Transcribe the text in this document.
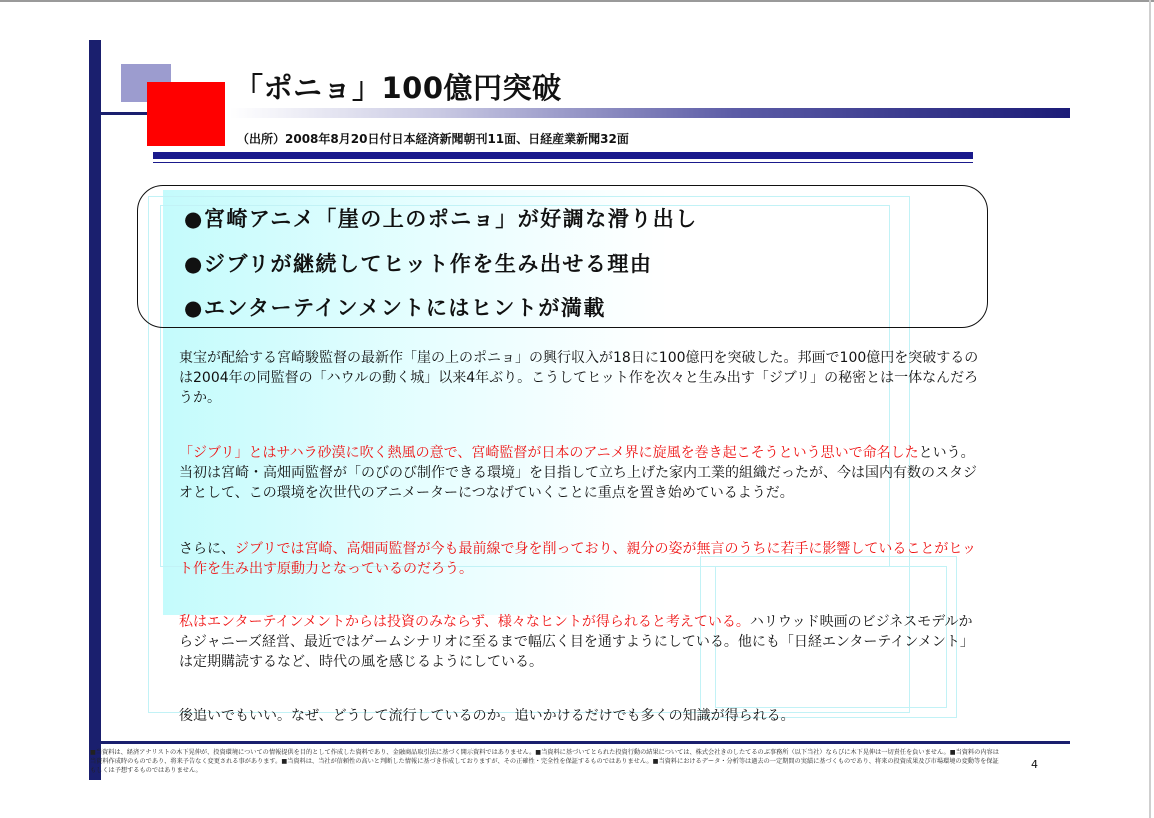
「ポニョ」100億円突破
（出所）2008年8月20日付日本経済新聞朝刊11面、日経産業新聞32面
●宮崎アニメ「崖の上のポニョ」が好調な滑り出し
●ジブリが継続してヒット作を生み出せる理由
●エンターテインメントにはヒントが満載

東宝が配給する宮崎駿監督の最新作「崖の上のポニョ」の興行収入が18日に100億円を突破した。邦画で100億円を突破するのは2004年の同監督の「ハウルの動く城」以来4年ぶり。こうしてヒット作を次々と生み出す「ジブリ」の秘密とは一体なんだろうか。

「ジブリ」とはサハラ砂漠に吹く熱風の意で、宮崎監督が日本のアニメ界に旋風を巻き起こそうという思いで命名したという。当初は宮崎・高畑両監督が「のびのび制作できる環境」を目指して立ち上げた家内工業的組織だったが、今は国内有数のスタジオとして、この環境を次世代のアニメーターにつなげていくことに重点を置き始めているようだ。

さらに、ジブリでは宮崎、高畑両監督が今も最前線で身を削っており、親分の姿が無言のうちに若手に影響していることがヒット作を生み出す原動力となっているのだろう。

私はエンターテインメントからは投資のみならず、様々なヒントが得られると考えている。ハリウッド映画のビジネスモデルからジャニーズ経営、最近ではゲームシナリオに至るまで幅広く目を通すようにしている。他にも「日経エンターテインメント」は定期購読するなど、時代の風を感じるようにしている。

後追いでもいい。なぜ、どうして流行しているのか。追いかけるだけでも多くの知識が得られる。

■当資料は、経済アナリストの木下晃伸が、投資環境についての情報提供を目的として作成した資料であり、金融商品取引法に基づく開示資料ではありません。■当資料に基づいてとられた投資行動の結果については、株式会社きのしたてるのぶ事務所（以下当社）ならびに木下晃伸は一切責任を負いません。■当資料の内容は当資料作成時のものであり、将来予告なく変更される事があります。■当資料は、当社が信頼性の高いと判断した情報に基づき作成しておりますが、その正確性・完全性を保証するものではありません。■当資料におけるデータ・分析等は過去の一定期間の実績に基づくものであり、将来の投資成果及び市場環境の変動等を保証もしくは予想するものではありません。	4
